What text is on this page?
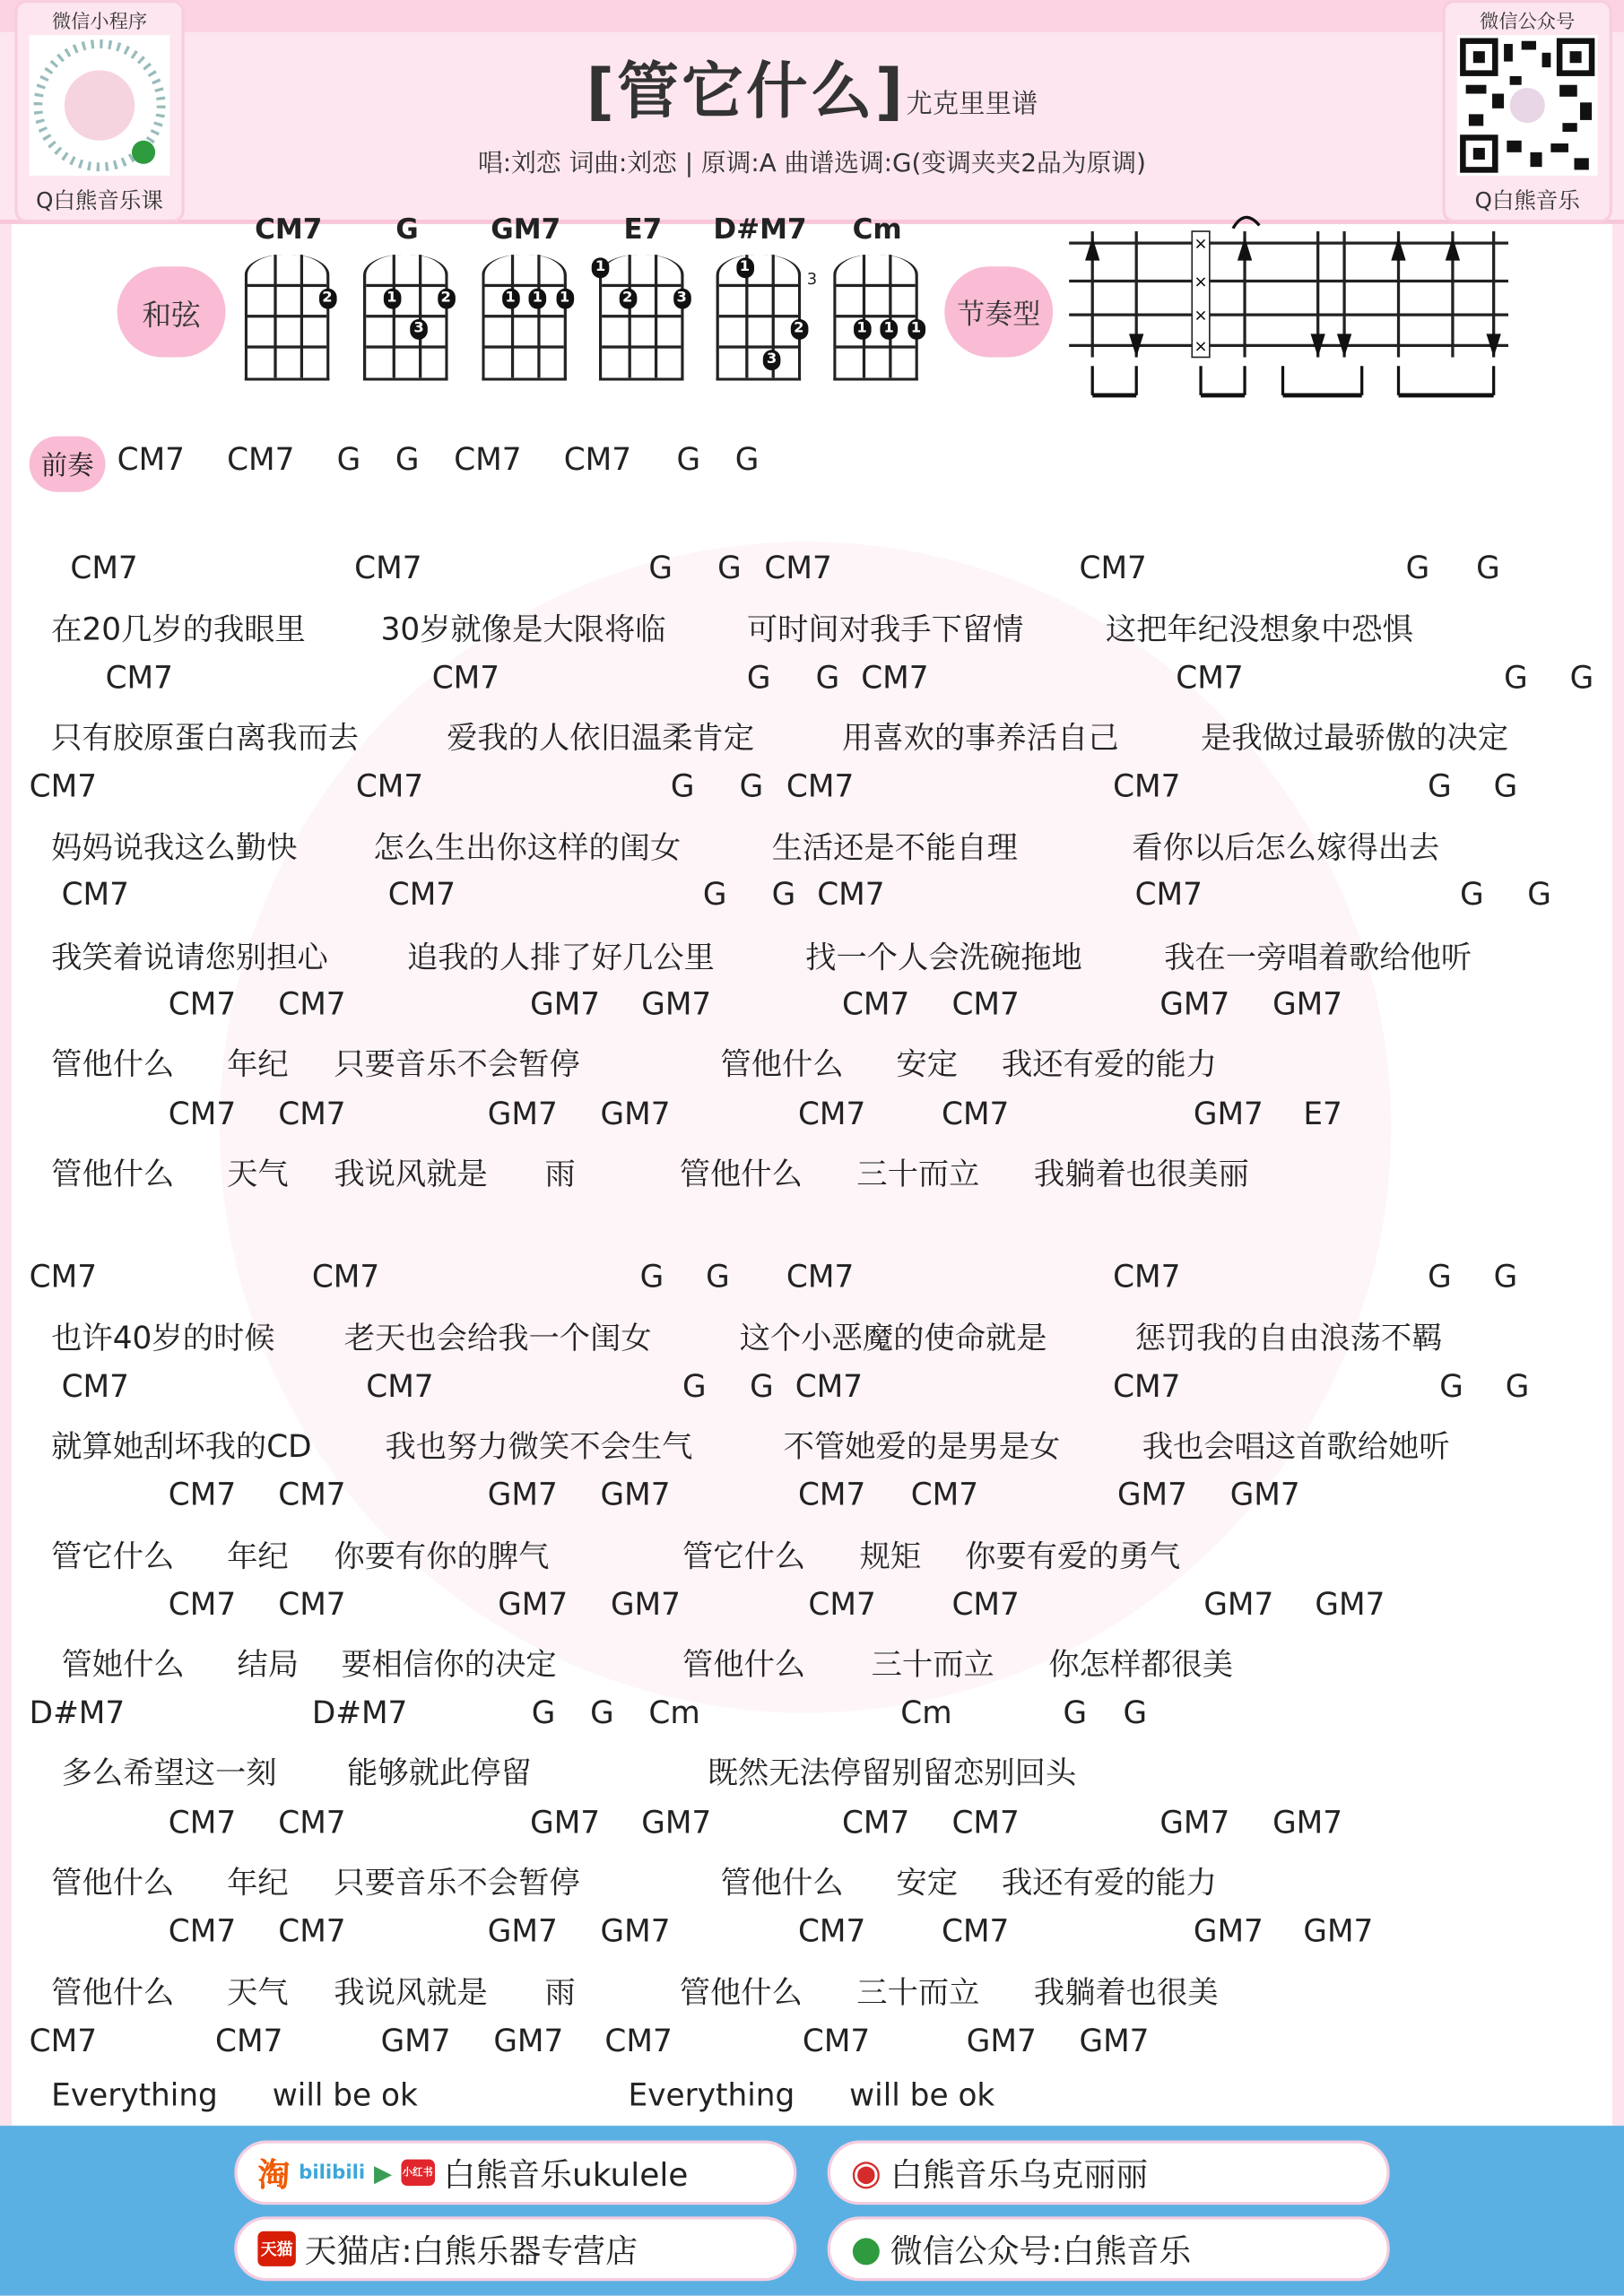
微信小程序
Q白熊音乐课
微信公众号
Q白熊音乐
[管它什么]尤克里里谱
唱:刘恋 词曲:刘恋 | 原调:A 曲谱选调:G(变调夹夹2品为原调)
和弦
CM7
2
G
1	2
3
GM7
1	1	1
E7
1
2	3
D#M7
1
2
3
3
Cm
1	1	1	节奏型
×
×
×
×
前奏	CM7 CM7 G G CM7 CM7 G G
CM7	CM7	G G CM7	CM7	G G
在20几岁的我眼里	30岁就像是大限将临	可时间对我手下留情	这把年纪没想象中恐惧
CM7	CM7	G G CM7	CM7	G G
只有胶原蛋白离我而去	爱我的人依旧温柔肯定	用喜欢的事养活自己	是我做过最骄傲的决定
CM7	CM7	G G CM7	CM7	G G
妈妈说我这么勤快	怎么生出你这样的闺女	生活还是不能自理	看你以后怎么嫁得出去
CM7	CM7	G G CM7	CM7	G G
我笑着说请您别担心	追我的人排了好几公里	找一个人会洗碗拖地	我在一旁唱着歌给他听
CM7 CM7	GM7 GM7	CM7 CM7	GM7 GM7
管他什么	年纪 只要音乐不会暂停	管他什么	安定 我还有爱的能力
CM7 CM7	GM7 GM7	CM7	CM7	GM7 E7
管他什么	天气 我说风就是	雨	管他什么	三十而立	我躺着也很美丽
CM7	CM7	G G	CM7	CM7	G G
也许40岁的时候	老天也会给我一个闺女	这个小恶魔的使命就是	惩罚我的自由浪荡不羁
CM7	CM7	G G CM7	CM7	G G
就算她刮坏我的CD	我也努力微笑不会生气	不管她爱的是男是女	我也会唱这首歌给她听
CM7 CM7	GM7 GM7	CM7 CM7	GM7 GM7
管它什么	年纪 你要有你的脾气	管它什么	规矩 你要有爱的勇气
CM7 CM7	GM7 GM7	CM7	CM7	GM7 GM7
管她什么	结局 要相信你的决定	管他什么	三十而立	你怎样都很美
D#M7	D#M7	G G Cm	Cm	G G
多么希望这一刻	能够就此停留	既然无法停留别留恋别回头
CM7 CM7	GM7 GM7	CM7 CM7	GM7 GM7
管他什么	年纪 只要音乐不会暂停	管他什么	安定 我还有爱的能力
CM7 CM7	GM7 GM7	CM7	CM7	GM7 GM7
管他什么	天气 我说风就是	雨	管他什么	三十而立	我躺着也很美
CM7	CM7	GM7 GM7 CM7	CM7	GM7 GM7
Everything	will be ok	Everything	will be ok
淘 bilibili ▶ 小红书 白熊音乐ukulele	◉ 白熊音乐乌克丽丽
天猫 天猫店:白熊乐器专营店	● 微信公众号:白熊音乐
